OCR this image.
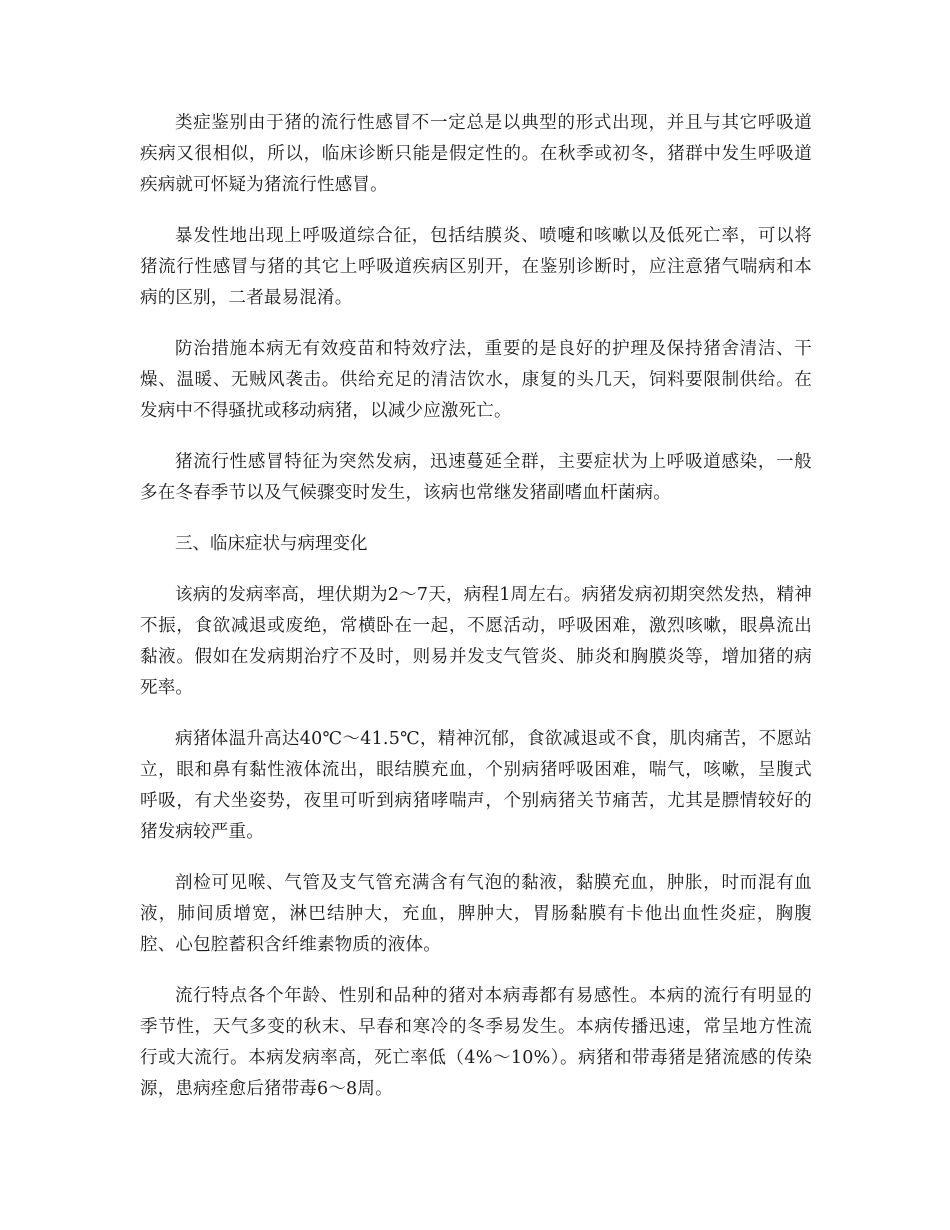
类症鉴别由于猪的流行性感冒不一定总是以典型的形式出现，并且与其它呼吸道疾病又很相似，所以，临床诊断只能是假定性的。在秋季或初冬，猪群中发生呼吸道疾病就可怀疑为猪流行性感冒。

暴发性地出现上呼吸道综合征，包括结膜炎、喷嚏和咳嗽以及低死亡率，可以将猪流行性感冒与猪的其它上呼吸道疾病区别开，在鉴别诊断时，应注意猪气喘病和本病的区别，二者最易混淆。

防治措施本病无有效疫苗和特效疗法，重要的是良好的护理及保持猪舍清洁、干燥、温暖、无贼风袭击。供给充足的清洁饮水，康复的头几天，饲料要限制供给。在发病中不得骚扰或移动病猪，以减少应激死亡。

猪流行性感冒特征为突然发病，迅速蔓延全群，主要症状为上呼吸道感染，一般多在冬春季节以及气候骤变时发生，该病也常继发猪副嗜血杆菌病。

三、临床症状与病理变化

该病的发病率高，埋伏期为2～7天，病程1周左右。病猪发病初期突然发热，精神不振，食欲减退或废绝，常横卧在一起，不愿活动，呼吸困难，激烈咳嗽，眼鼻流出黏液。假如在发病期治疗不及时，则易并发支气管炎、肺炎和胸膜炎等，增加猪的病死率。

病猪体温升高达40℃～41.5℃，精神沉郁，食欲减退或不食，肌肉痛苦，不愿站立，眼和鼻有黏性液体流出，眼结膜充血，个别病猪呼吸困难，喘气，咳嗽，呈腹式呼吸，有犬坐姿势，夜里可听到病猪哮喘声，个别病猪关节痛苦，尤其是膘情较好的猪发病较严重。

剖检可见喉、气管及支气管充满含有气泡的黏液，黏膜充血，肿胀，时而混有血液，肺间质增宽，淋巴结肿大，充血，脾肿大，胃肠黏膜有卡他出血性炎症，胸腹腔、心包腔蓄积含纤维素物质的液体。

流行特点各个年龄、性别和品种的猪对本病毒都有易感性。本病的流行有明显的季节性，天气多变的秋末、早春和寒冷的冬季易发生。本病传播迅速，常呈地方性流行或大流行。本病发病率高，死亡率低（4%～10%）。病猪和带毒猪是猪流感的传染源，患病痊愈后猪带毒6～8周。
